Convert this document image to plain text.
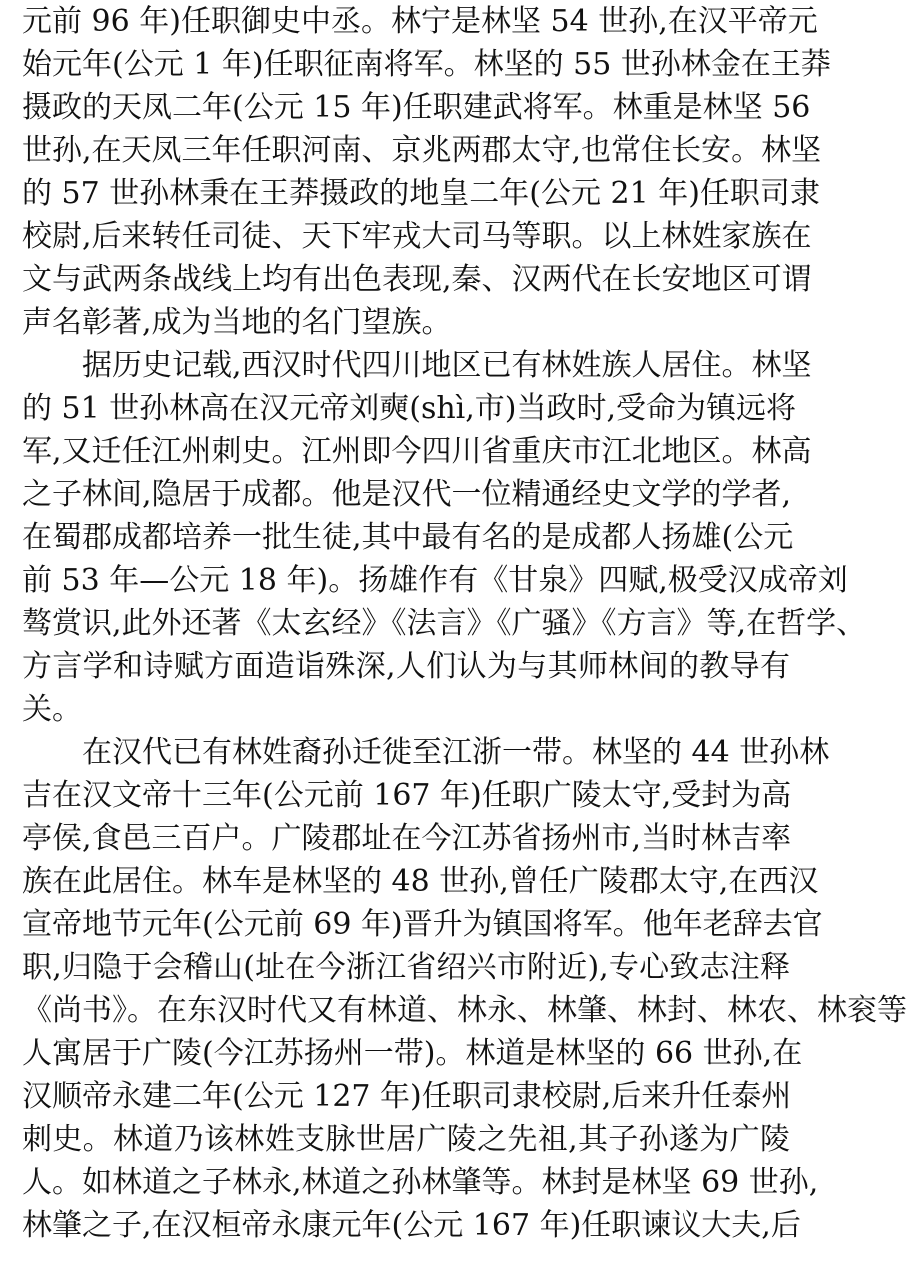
元前 96 年)任职御史中丞。林宁是林坚 54 世孙,在汉平帝元
始元年(公元 1 年)任职征南将军。林坚的 55 世孙林金在王莽
摄政的天凤二年(公元 15 年)任职建武将军。林重是林坚 56
世孙,在天凤三年任职河南、京兆两郡太守,也常住长安。林坚
的 57 世孙林秉在王莽摄政的地皇二年(公元 21 年)任职司隶
校尉,后来转任司徒、天下牢戎大司马等职。以上林姓家族在
文与武两条战线上均有出色表现,秦、汉两代在长安地区可谓
声名彰著,成为当地的名门望族。
据历史记载,西汉时代四川地区已有林姓族人居住。林坚
的 51 世孙林高在汉元帝刘奭(shì,市)当政时,受命为镇远将
军,又迁任江州刺史。江州即今四川省重庆市江北地区。林高
之子林间,隐居于成都。他是汉代一位精通经史文学的学者,
在蜀郡成都培养一批生徒,其中最有名的是成都人扬雄(公元
前 53 年—公元 18 年)。扬雄作有《甘泉》四赋,极受汉成帝刘
骜赏识,此外还著《太玄经》《法言》《广骚》《方言》等,在哲学、
方言学和诗赋方面造诣殊深,人们认为与其师林间的教导有
关。
在汉代已有林姓裔孙迁徙至江浙一带。林坚的 44 世孙林
吉在汉文帝十三年(公元前 167 年)任职广陵太守,受封为高
亭侯,食邑三百户。广陵郡址在今江苏省扬州市,当时林吉率
族在此居住。林车是林坚的 48 世孙,曾任广陵郡太守,在西汉
宣帝地节元年(公元前 69 年)晋升为镇国将军。他年老辞去官
职,归隐于会稽山(址在今浙江省绍兴市附近),专心致志注释
《尚书》。在东汉时代又有林道、林永、林肇、林封、林农、林衮等
人寓居于广陵(今江苏扬州一带)。林道是林坚的 66 世孙,在
汉顺帝永建二年(公元 127 年)任职司隶校尉,后来升任泰州
刺史。林道乃该林姓支脉世居广陵之先祖,其子孙遂为广陵
人。如林道之子林永,林道之孙林肇等。林封是林坚 69 世孙,
林肇之子,在汉桓帝永康元年(公元 167 年)任职谏议大夫,后
